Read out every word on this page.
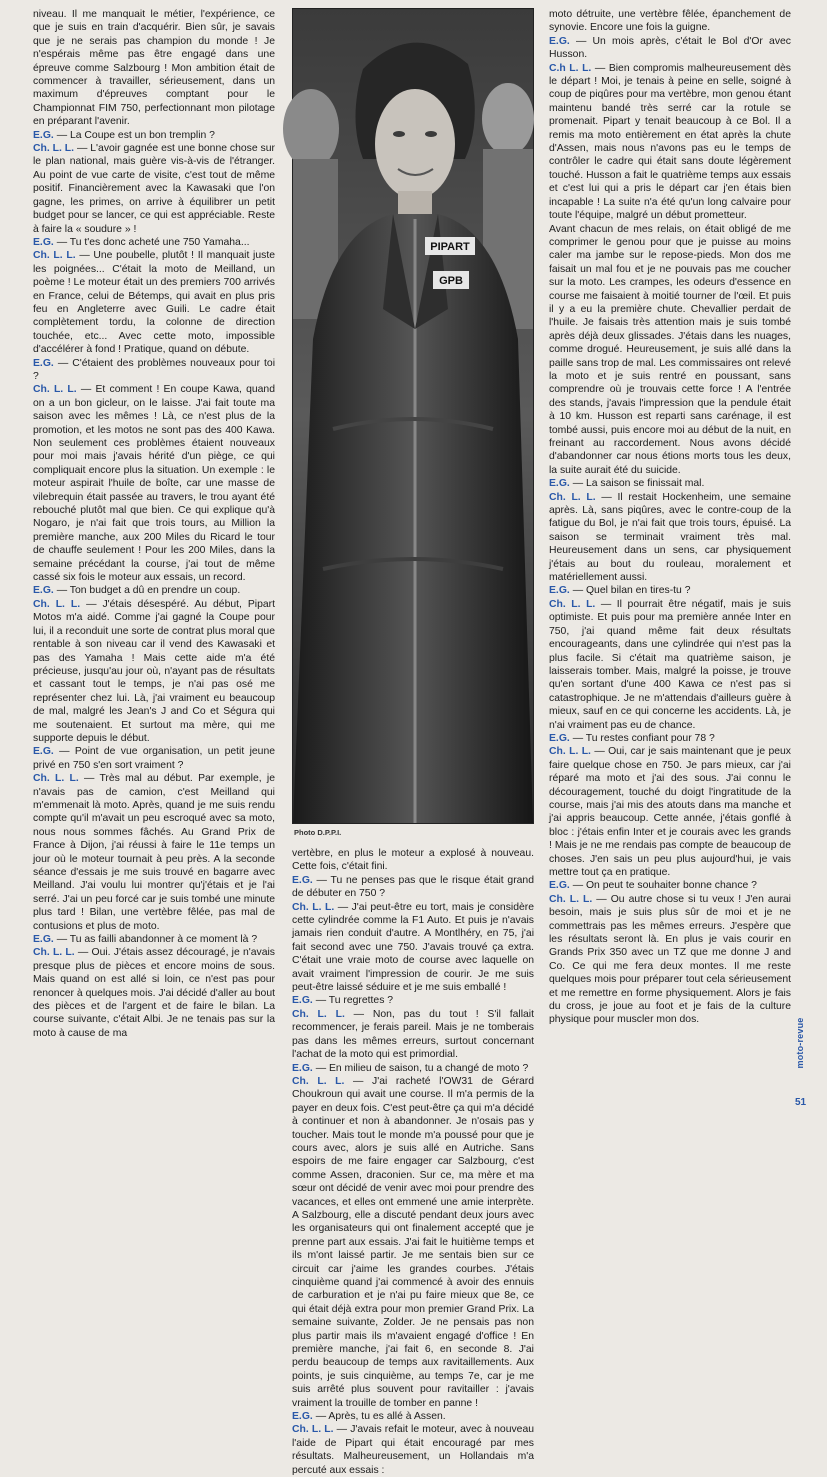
niveau. Il me manquait le métier, l'expérience, ce que je suis en train d'acquérir. Bien sûr, je savais que je ne serais pas champion du monde ! Je n'espérais même pas être engagé dans une épreuve comme Salzbourg ! Mon ambition était de commencer à travailler, sérieusement, dans un maximum d'épreuves comptant pour le Championnat FIM 750, perfectionnant mon pilotage en préparant l'avenir.

E.G. — La Coupe est un bon tremplin ?

Ch. L. L. — L'avoir gagnée est une bonne chose sur le plan national, mais guère vis-à-vis de l'étranger. Au point de vue carte de visite, c'est tout de même positif. Financièrement avec la Kawasaki que l'on gagne, les primes, on arrive à équilibrer un petit budget pour se lancer, ce qui est appréciable. Reste à faire la « soudure » !

E.G. — Tu t'es donc acheté une 750 Yamaha...

Ch. L. L. — Une poubelle, plutôt ! Il manquait juste les poignées... C'était la moto de Meilland, un poème ! Le moteur était un des premiers 700 arrivés en France, celui de Bétemps, qui avait en plus pris feu en Angleterre avec Guili. Le cadre était complètement tordu, la colonne de direction touchée, etc... Avec cette moto, impossible d'accélérer à fond ! Pratique, quand on débute.

E.G. — C'étaient des problèmes nouveaux pour toi ?

Ch. L. L. — Et comment ! En coupe Kawa, quand on a un bon gicleur, on le laisse. J'ai fait toute ma saison avec les mêmes ! Là, ce n'est plus de la promotion, et les motos ne sont pas des 400 Kawa. Non seulement ces problèmes étaient nouveaux pour moi mais j'avais hérité d'un piège, ce qui compliquait encore plus la situation. Un exemple : le moteur aspirait l'huile de boîte, car une masse de vilebrequin était passée au travers, le trou ayant été rebouché plutôt mal que bien. Ce qui explique qu'à Nogaro, je n'ai fait que trois tours, au Million la première manche, aux 200 Miles du Ricard le tour de chauffe seulement ! Pour les 200 Miles, dans la semaine précédant la course, j'ai tout de même cassé six fois le moteur aux essais, un record.

E.G. — Ton budget a dû en prendre un coup.

Ch. L. L. — J'étais désespéré. Au début, Pipart Motos m'a aidé. Comme j'ai gagné la Coupe pour lui, il a reconduit une sorte de contrat plus moral que rentable à son niveau car il vend des Kawasaki et pas des Yamaha ! Mais cette aide m'a été précieuse, jusqu'au jour où, n'ayant pas de résultats et cassant tout le temps, je n'ai pas osé me représenter chez lui. Là, j'ai vraiment eu beaucoup de mal, malgré les Jean's J and Co et Ségura qui me soutenaient. Et surtout ma mère, qui me supporte depuis le début.

E.G. — Point de vue organisation, un petit jeune privé en 750 s'en sort vraiment ?

Ch. L. L. — Très mal au début. Par exemple, je n'avais pas de camion, c'est Meilland qui m'emmenait là moto. Après, quand je me suis rendu compte qu'il m'avait un peu escroqué avec sa moto, nous nous sommes fâchés. Au Grand Prix de France à Dijon, j'ai réussi à faire le 11e temps un jour où le moteur tournait à peu près. A la seconde séance d'essais je me suis trouvé en bagarre avec Meilland. J'ai voulu lui montrer qu'j'étais et je l'ai serré. J'ai un peu forcé car je suis tombé une minute plus tard ! Bilan, une vertèbre fêlée, pas mal de contusions et plus de moto.

E.G. — Tu as failli abandonner à ce moment là ?

Ch. L. L. — Oui. J'étais assez découragé, je n'avais presque plus de pièces et encore moins de sous. Mais quand on est allé si loin, ce n'est pas pour renoncer à quelques mois. J'ai décidé d'aller au bout des pièces et de l'argent et de faire le bilan. La course suivante, c'était Albi. Je ne tenais pas sur la moto à cause de ma

PIPART
GPB
Photo D.P.P.I.

vertèbre, en plus le moteur a explosé à nouveau. Cette fois, c'était fini.

E.G. — Tu ne penses pas que le risque était grand de débuter en 750 ?

Ch. L. L. — J'ai peut-être eu tort, mais je considère cette cylindrée comme la F1 Auto. Et puis je n'avais jamais rien conduit d'autre. A Montlhéry, en 75, j'ai fait second avec une 750. J'avais trouvé ça extra. C'était une vraie moto de course avec laquelle on avait vraiment l'impression de courir. Je me suis peut-être laissé séduire et je me suis emballé !

E.G. — Tu regrettes ?

Ch. L. L. — Non, pas du tout ! S'il fallait recommencer, je ferais pareil. Mais je ne tomberais pas dans les mêmes erreurs, surtout concernant l'achat de la moto qui est primordial.

E.G. — En milieu de saison, tu a changé de moto ?

Ch. L. L. — J'ai racheté l'OW31 de Gérard Choukroun qui avait une course. Il m'a permis de la payer en deux fois. C'est peut-être ça qui m'a décidé à continuer et non à abandonner. Je n'osais pas y toucher. Mais tout le monde m'a poussé pour que je cours avec, alors je suis allé en Autriche. Sans espoirs de me faire engager car Salzbourg, c'est comme Assen, draconien. Sur ce, ma mère et ma sœur ont décidé de venir avec moi pour prendre des vacances, et elles ont emmené une amie interprète. A Salzbourg, elle a discuté pendant deux jours avec les organisateurs qui ont finalement accepté que je prenne part aux essais. J'ai fait le huitième temps et ils m'ont laissé partir. Je me sentais bien sur ce circuit car j'aime les grandes courbes. J'étais cinquième quand j'ai commencé à avoir des ennuis de carburation et je n'ai pu faire mieux que 8e, ce qui était déjà extra pour mon premier Grand Prix. La semaine suivante, Zolder. Je ne pensais pas non plus partir mais ils m'avaient engagé d'office ! En première manche, j'ai fait 6, en seconde 8. J'ai perdu beaucoup de temps aux ravitaillements. Aux points, je suis cinquième, au temps 7e, car je me suis arrêté plus souvent pour ravitailler : j'avais vraiment la trouille de tomber en panne !

E.G. — Après, tu es allé à Assen.

Ch. L. L. — J'avais refait le moteur, avec à nouveau l'aide de Pipart qui était encouragé par mes résultats. Malheureusement, un Hollandais m'a percuté aux essais :

moto détruite, une vertèbre fêlée, épanchement de synovie. Encore une fois la guigne.

E.G. — Un mois après, c'était le Bol d'Or avec Husson.

C.h L. L. — Bien compromis malheureusement dès le départ ! Moi, je tenais à peine en selle, soigné à coup de piqûres pour ma vertèbre, mon genou étant maintenu bandé très serré car la rotule se promenait. Pipart y tenait beaucoup à ce Bol. Il a remis ma moto entièrement en état après la chute d'Assen, mais nous n'avons pas eu le temps de contrôler le cadre qui était sans doute légèrement touché. Husson a fait le quatrième temps aux essais et c'est lui qui a pris le départ car j'en étais bien incapable ! La suite n'a été qu'un long calvaire pour toute l'équipe, malgré un début prometteur.

Avant chacun de mes relais, on était obligé de me comprimer le genou pour que je puisse au moins caler ma jambe sur le repose-pieds. Mon dos me faisait un mal fou et je ne pouvais pas me coucher sur la moto. Les crampes, les odeurs d'essence en course me faisaient à moitié tourner de l'œil. Et puis il y a eu la première chute. Chevallier perdait de l'huile. Je faisais très attention mais je suis tombé après déjà deux glissades. J'étais dans les nuages, comme drogué. Heureusement, je suis allé dans la paille sans trop de mal. Les commissaires ont relevé la moto et je suis rentré en poussant, sans comprendre où je trouvais cette force ! A l'entrée des stands, j'avais l'impression que la pendule était à 10 km. Husson est reparti sans carénage, il est tombé aussi, puis encore moi au début de la nuit, en freinant au raccordement. Nous avons décidé d'abandonner car nous étions morts tous les deux, la suite aurait été du suicide.

E.G. — La saison se finissait mal.

Ch. L. L. — Il restait Hockenheim, une semaine après. Là, sans piqûres, avec le contre-coup de la fatigue du Bol, je n'ai fait que trois tours, épuisé. La saison se terminait vraiment très mal. Heureusement dans un sens, car physiquement j'étais au bout du rouleau, moralement et matériellement aussi.

E.G. — Quel bilan en tires-tu ?

Ch. L. L. — Il pourrait être négatif, mais je suis optimiste. Et puis pour ma première année Inter en 750, j'ai quand même fait deux résultats encourageants, dans une cylindrée qui n'est pas la plus facile. Si c'était ma quatrième saison, je laisserais tomber. Mais, malgré la poisse, je trouve qu'en sortant d'une 400 Kawa ce n'est pas si catastrophique. Je ne m'attendais d'ailleurs guère à mieux, sauf en ce qui concerne les accidents. Là, je n'ai vraiment pas eu de chance.

E.G. — Tu restes confiant pour 78 ?

Ch. L. L. — Oui, car je sais maintenant que je peux faire quelque chose en 750. Je pars mieux, car j'ai réparé ma moto et j'ai des sous. J'ai connu le découragement, touché du doigt l'ingratitude de la course, mais j'ai mis des atouts dans ma manche et j'ai appris beaucoup. Cette année, j'étais gonflé à bloc : j'étais enfin Inter et je courais avec les grands ! Mais je ne me rendais pas compte de beaucoup de choses. J'en sais un peu plus aujourd'hui, je vais mettre tout ça en pratique.

E.G. — On peut te souhaiter bonne chance ?

Ch. L. L. — Ou autre chose si tu veux ! J'en aurai besoin, mais je suis plus sûr de moi et je ne commettrais pas les mêmes erreurs. J'espère que les résultats seront là. En plus je vais courir en Grands Prix 350 avec un TZ que me donne J and Co. Ce qui me fera deux montes. Il me reste quelques mois pour préparer tout cela sérieusement et me remettre en forme physiquement. Alors je fais du cross, je joue au foot et je fais de la culture physique pour muscler mon dos.	moto-revue
51
